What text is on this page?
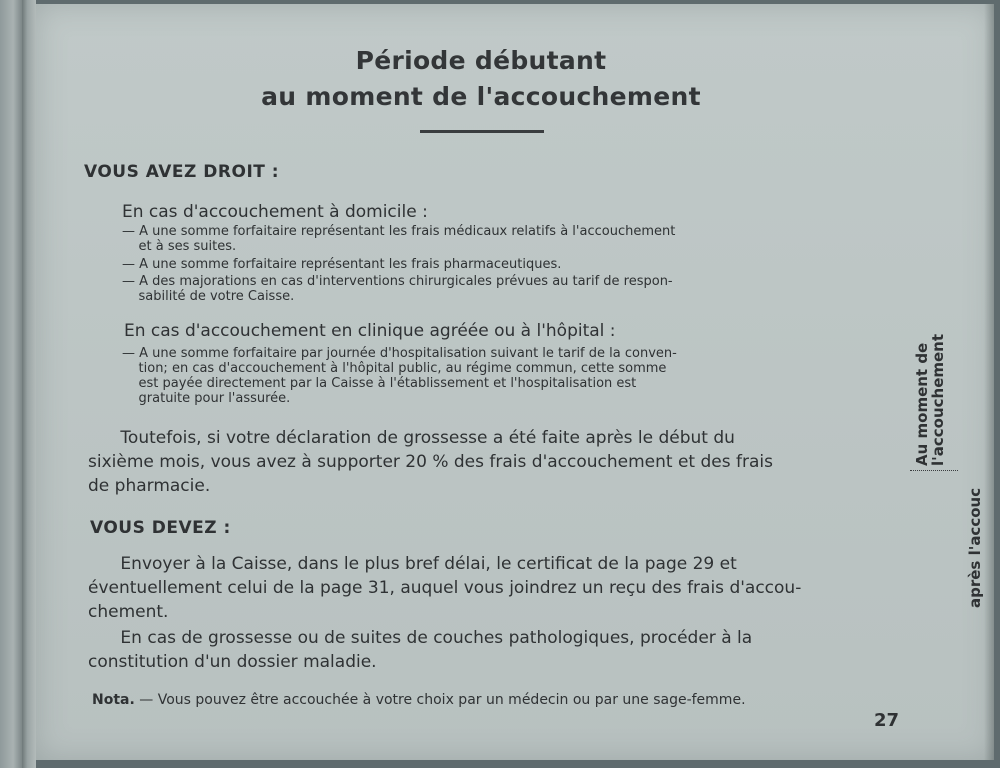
Période débutant
au moment de l'accouchement
VOUS AVEZ DROIT :
En cas d'accouchement à domicile :
— A une somme forfaitaire représentant les frais médicaux relatifs à l'accouchement
et à ses suites.
— A une somme forfaitaire représentant les frais pharmaceutiques.
— A des majorations en cas d'interventions chirurgicales prévues au tarif de respon-
sabilité de votre Caisse.
En cas d'accouchement en clinique agréée ou à l'hôpital :
— A une somme forfaitaire par journée d'hospitalisation suivant le tarif de la conven-
tion; en cas d'accouchement à l'hôpital public, au régime commun, cette somme
est payée directement par la Caisse à l'établissement et l'hospitalisation est
gratuite pour l'assurée.
Toutefois, si votre déclaration de grossesse a été faite après le début du
sixième mois, vous avez à supporter 20 % des frais d'accouchement et des frais
de pharmacie.
VOUS DEVEZ :
Envoyer à la Caisse, dans le plus bref délai, le certificat de la page 29 et
éventuellement celui de la page 31, auquel vous joindrez un reçu des frais d'accou-
chement.
En cas de grossesse ou de suites de couches pathologiques, procéder à la
constitution d'un dossier maladie.
Nota. — Vous pouvez être accouchée à votre choix par un médecin ou par une sage-femme.
27
Au moment de
l'accouchement
après l'accouc
